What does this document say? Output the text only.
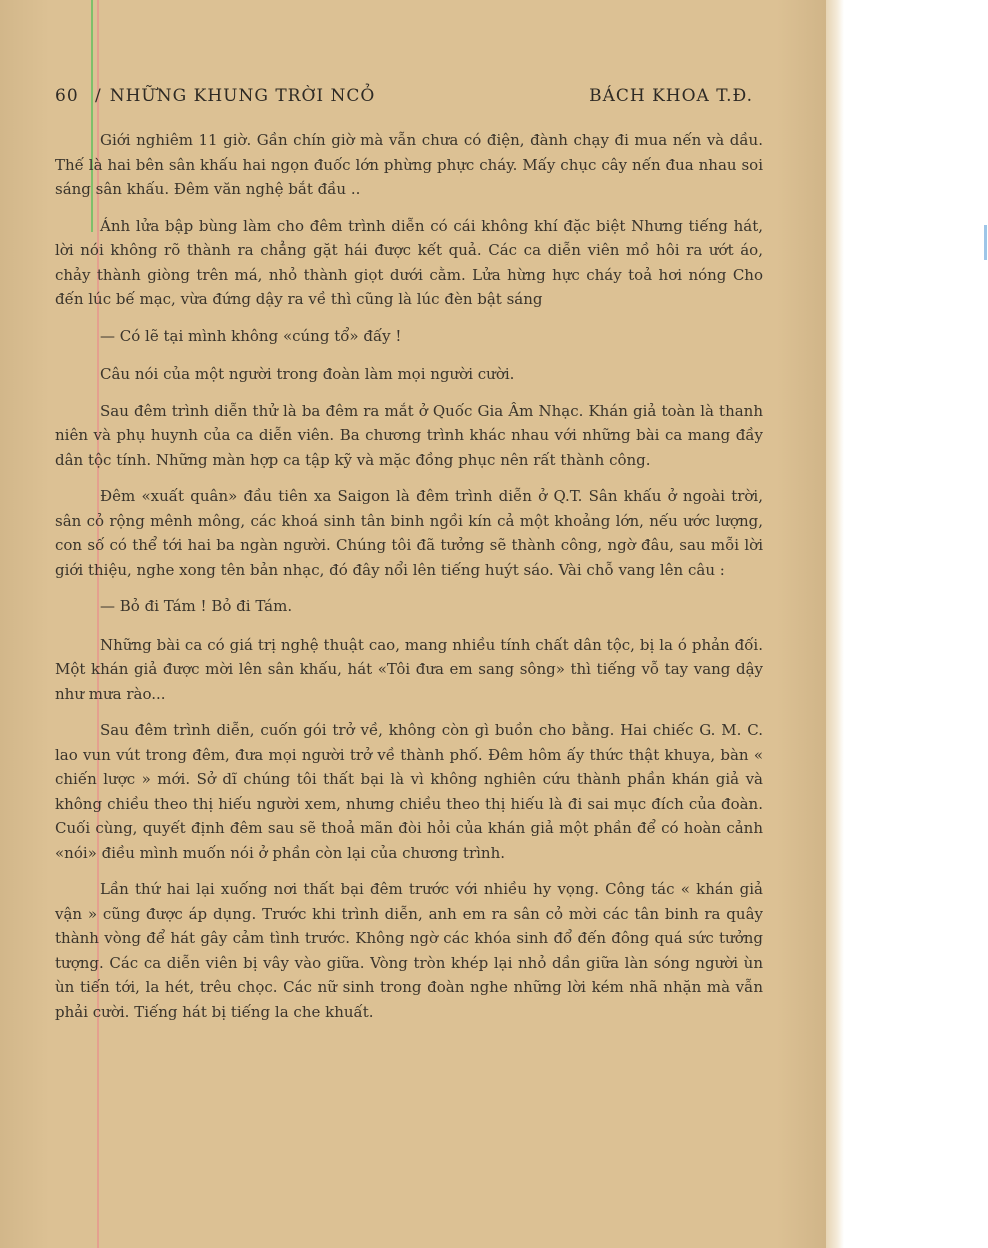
60 / NHỮNG KHUNG TRỜI NCỎ	BÁCH KHOA T.Đ.

Giới nghiêm 11 giờ. Gần chín giờ mà vẫn chưa có điện, đành chạy đi mua nến và dầu. Thế là hai bên sân khấu hai ngọn đuốc lớn phừng phực cháy. Mấy chục cây nến đua nhau soi sáng sân khấu. Đêm văn nghệ bắt đầu ..

Ánh lửa bập bùng làm cho đêm trình diễn có cái không khí đặc biệt Nhưng tiếng hát, lời nói không rõ thành ra chẳng gặt hái được kết quả. Các ca diễn viên mồ hôi ra ướt áo, chảy thành giòng trên má, nhỏ thành giọt dưới cằm. Lửa hừng hực cháy toả hơi nóng Cho đến lúc bế mạc, vừa đứng dậy ra về thì cũng là lúc đèn bật sáng

— Có lẽ tại mình không «cúng tổ» đấy !

Câu nói của một người trong đoàn làm mọi người cười.

Sau đêm trình diễn thử là ba đêm ra mắt ở Quốc Gia Âm Nhạc. Khán giả toàn là thanh niên và phụ huynh của ca diễn viên. Ba chương trình khác nhau với những bài ca mang đầy dân tộc tính. Những màn hợp ca tập kỹ và mặc đồng phục nên rất thành công.

Đêm «xuất quân» đầu tiên xa Saigon là đêm trình diễn ở Q.T. Sân khấu ở ngoài trời, sân cỏ rộng mênh mông, các khoá sinh tân binh ngồi kín cả một khoảng lớn, nếu ước lượng, con số có thể tới hai ba ngàn người. Chúng tôi đã tưởng sẽ thành công, ngờ đâu, sau mỗi lời giới thiệu, nghe xong tên bản nhạc, đó đây nổi lên tiếng huýt sáo. Vài chỗ vang lên câu :

— Bỏ đi Tám ! Bỏ đi Tám.

Những bài ca có giá trị nghệ thuật cao, mang nhiều tính chất dân tộc, bị la ó phản đối. Một khán giả được mời lên sân khấu, hát «Tôi đưa em sang sông» thì tiếng vỗ tay vang dậy như mưa rào...

Sau đêm trình diễn, cuốn gói trở về, không còn gì buồn cho bằng. Hai chiếc G. M. C. lao vun vút trong đêm, đưa mọi người trở về thành phố. Đêm hôm ấy thức thật khuya, bàn « chiến lược » mới. Sở dĩ chúng tôi thất bại là vì không nghiên cứu thành phần khán giả và không chiều theo thị hiếu người xem, nhưng chiều theo thị hiếu là đi sai mục đích của đoàn. Cuối cùng, quyết định đêm sau sẽ thoả mãn đòi hỏi của khán giả một phần để có hoàn cảnh «nói» điều mình muốn nói ở phần còn lại của chương trình.

Lần thứ hai lại xuống nơi thất bại đêm trước với nhiều hy vọng. Công tác « khán giả vận » cũng được áp dụng. Trước khi trình diễn, anh em ra sân cỏ mời các tân binh ra quây thành vòng để hát gây cảm tình trước. Không ngờ các khóa sinh đổ đến đông quá sức tưởng tượng. Các ca diễn viên bị vây vào giữa. Vòng tròn khép lại nhỏ dần giữa làn sóng người ùn ùn tiến tới, la hét, trêu chọc. Các nữ sinh trong đoàn nghe những lời kém nhã nhặn mà vẫn phải cười. Tiếng hát bị tiếng la che khuất.
